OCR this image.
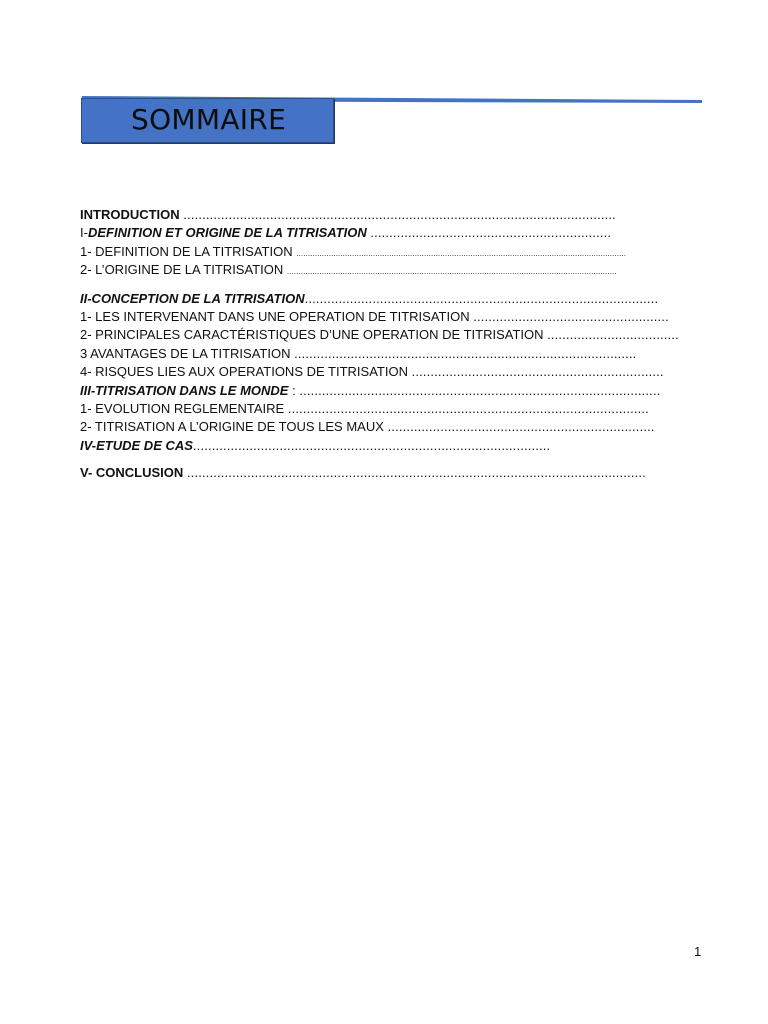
SOMMAIRE
INTRODUCTION ...................................................................................................................
I-DEFINITION ET ORIGINE DE LA TITRISATION ................................................................
1- DEFINITION DE LA TITRISATION ..............................................................................................................................................
2- L’ORIGINE DE LA TITRISATION ..............................................................................................................................................
II-CONCEPTION DE LA TITRISATION..............................................................................................
1- LES INTERVENANT DANS UNE OPERATION DE TITRISATION ....................................................
2- PRINCIPALES CARACTÉRISTIQUES D’UNE OPERATION DE TITRISATION ...................................
3 AVANTAGES DE LA TITRISATION ...........................................................................................
4- RISQUES LIES AUX OPERATIONS DE TITRISATION ...................................................................
III-TITRISATION DANS LE MONDE : ................................................................................................
1- EVOLUTION REGLEMENTAIRE ................................................................................................
2- TITRISATION A L’ORIGINE DE TOUS LES MAUX .......................................................................
IV-ETUDE DE CAS...............................................................................................
V- CONCLUSION ..........................................................................................................................
1
